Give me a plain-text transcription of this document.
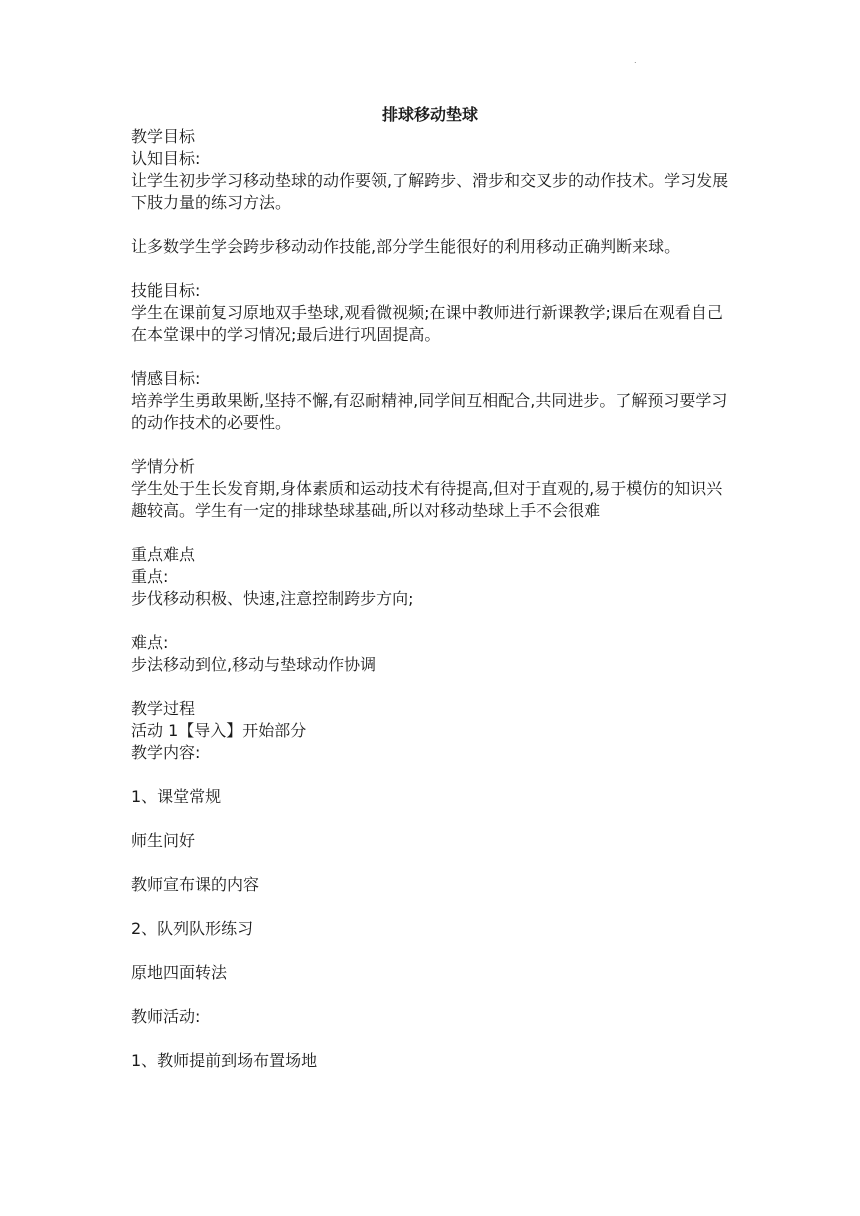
.
排球移动垫球

教学目标

认知目标:

让学生初步学习移动垫球的动作要领,了解跨步、滑步和交叉步的动作技术。学习发展下肢力量的练习方法。

让多数学生学会跨步移动动作技能,部分学生能很好的利用移动正确判断来球。

技能目标:

学生在课前复习原地双手垫球,观看微视频;在课中教师进行新课教学;课后在观看自己在本堂课中的学习情况;最后进行巩固提高。

情感目标:

培养学生勇敢果断,坚持不懈,有忍耐精神,同学间互相配合,共同进步。了解预习要学习的动作技术的必要性。

学情分析

学生处于生长发育期,身体素质和运动技术有待提高,但对于直观的,易于模仿的知识兴趣较高。学生有一定的排球垫球基础,所以对移动垫球上手不会很难

重点难点

重点:

步伐移动积极、快速,注意控制跨步方向;

难点:

步法移动到位,移动与垫球动作协调

教学过程

活动 1【导入】开始部分

教学内容:

1、课堂常规

师生问好

教师宣布课的内容

2、队列队形练习

原地四面转法

教师活动:

1、教师提前到场布置场地
